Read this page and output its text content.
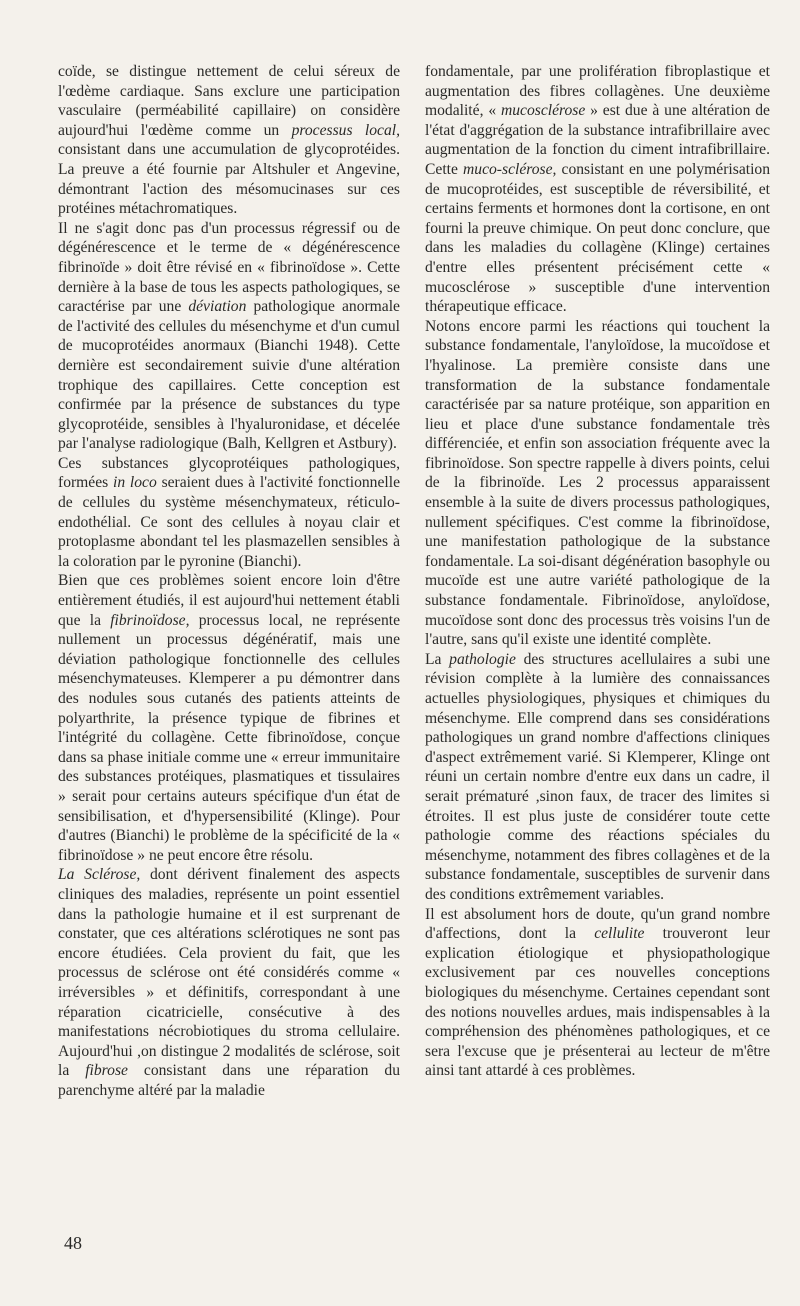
coïde, se distingue nettement de celui séreux de l'œdème cardiaque. Sans exclure une participation vasculaire (perméabilité capillaire) on considère aujourd'hui l'œdème comme un processus local, consistant dans une accumulation de glycoprotéides. La preuve a été fournie par Altshuler et Angevine, démontrant l'action des mésomucinases sur ces protéines métachromatiques.

Il ne s'agit donc pas d'un processus régressif ou de dégénérescence et le terme de « dégénérescence fibrinoïde » doit être révisé en « fibrinoïdose ». Cette dernière à la base de tous les aspects pathologiques, se caractérise par une déviation pathologique anormale de l'activité des cellules du mésenchyme et d'un cumul de mucoprotéides anormaux (Bianchi 1948). Cette dernière est secondairement suivie d'une altération trophique des capillaires. Cette conception est confirmée par la présence de substances du type glycoprotéide, sensibles à l'hyaluronidase, et décelée par l'analyse radiologique (Balh, Kellgren et Astbury).

Ces substances glycoprotéiques pathologiques, formées in loco seraient dues à l'activité fonctionnelle de cellules du système mésenchymateux, réticulo-endothélial. Ce sont des cellules à noyau clair et protoplasme abondant tel les plasmazellen sensibles à la coloration par le pyronine (Bianchi).

Bien que ces problèmes soient encore loin d'être entièrement étudiés, il est aujourd'hui nettement établi que la fibrinoïdose, processus local, ne représente nullement un processus dégénératif, mais une déviation pathologique fonctionnelle des cellules mésenchymateuses. Klemperer a pu démontrer dans des nodules sous cutanés des patients atteints de polyarthrite, la présence typique de fibrines et l'intégrité du collagène. Cette fibrinoïdose, conçue dans sa phase initiale comme une « erreur immunitaire des substances protéiques, plasmatiques et tissulaires » serait pour certains auteurs spécifique d'un état de sensibilisation, et d'hypersensibilité (Klinge). Pour d'autres (Bianchi) le problème de la spécificité de la « fibrinoïdose » ne peut encore être résolu.

La Sclérose, dont dérivent finalement des aspects cliniques des maladies, représente un point essentiel dans la pathologie humaine et il est surprenant de constater, que ces altérations sclérotiques ne sont pas encore étudiées. Cela provient du fait, que les processus de sclérose ont été considérés comme « irréversibles » et définitifs, correspondant à une réparation cicatricielle, consécutive à des manifestations nécrobiotiques du stroma cellulaire. Aujourd'hui ,on distingue 2 modalités de sclérose, soit la fibrose consistant dans une réparation du parenchyme altéré par la maladie

fondamentale, par une prolifération fibroplastique et augmentation des fibres collagènes. Une deuxième modalité, « mucosclérose » est due à une altération de l'état d'aggrégation de la substance intrafibrillaire avec augmentation de la fonction du ciment intrafibrillaire. Cette muco-sclérose, consistant en une polymérisation de mucoprotéides, est susceptible de réversibilité, et certains ferments et hormones dont la cortisone, en ont fourni la preuve chimique. On peut donc conclure, que dans les maladies du collagène (Klinge) certaines d'entre elles présentent précisément cette « mucosclérose » susceptible d'une intervention thérapeutique efficace.

Notons encore parmi les réactions qui touchent la substance fondamentale, l'anyloïdose, la mucoïdose et l'hyalinose. La première consiste dans une transformation de la substance fondamentale caractérisée par sa nature protéique, son apparition en lieu et place d'une substance fondamentale très différenciée, et enfin son association fréquente avec la fibrinoïdose. Son spectre rappelle à divers points, celui de la fibrinoïde. Les 2 processus apparaissent ensemble à la suite de divers processus pathologiques, nullement spécifiques. C'est comme la fibrinoïdose, une manifestation pathologique de la substance fondamentale. La soi-disant dégénération basophyle ou mucoïde est une autre variété pathologique de la substance fondamentale. Fibrinoïdose, anyloïdose, mucoïdose sont donc des processus très voisins l'un de l'autre, sans qu'il existe une identité complète.

La pathologie des structures acellulaires a subi une révision complète à la lumière des connaissances actuelles physiologiques, physiques et chimiques du mésenchyme. Elle comprend dans ses considérations pathologiques un grand nombre d'affections cliniques d'aspect extrêmement varié. Si Klemperer, Klinge ont réuni un certain nombre d'entre eux dans un cadre, il serait prématuré ,sinon faux, de tracer des limites si étroites. Il est plus juste de considérer toute cette pathologie comme des réactions spéciales du mésenchyme, notamment des fibres collagènes et de la substance fondamentale, susceptibles de survenir dans des conditions extrêmement variables.

Il est absolument hors de doute, qu'un grand nombre d'affections, dont la cellulite trouveront leur explication étiologique et physiopathologique exclusivement par ces nouvelles conceptions biologiques du mésenchyme. Certaines cependant sont des notions nouvelles ardues, mais indispensables à la compréhension des phénomènes pathologiques, et ce sera l'excuse que je présenterai au lecteur de m'être ainsi tant attardé à ces problèmes.

48
